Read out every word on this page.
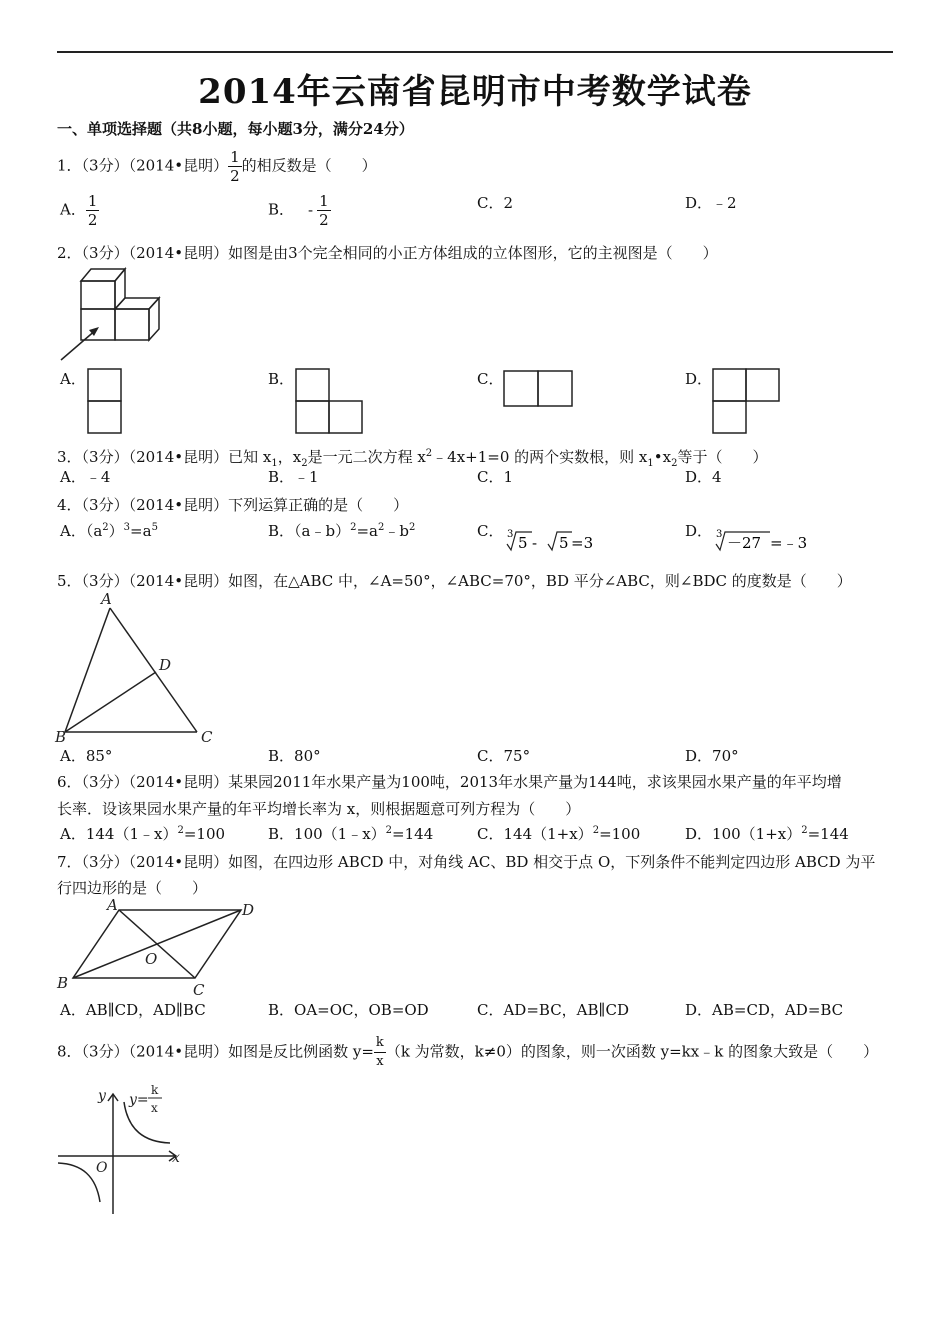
2014年云南省昆明市中考数学试卷
一、单项选择题（共8小题，每小题3分，满分24分）
1．（3分）（2014•昆明） $\frac{1}{2}$ 的相反数是（　　）
A． $\frac{1}{2}$	B． - $\frac{1}{2}$	C．2	D．﹣2
2．（3分）（2014•昆明）如图是由3个完全相同的小正方体组成的立体图形，它的主视图是（　　）
A．	B．	C．	D．
3．（3分）（2014•昆明）已知 $x_1$，$x_2$是一元二次方程 $x^2﹣4x+1=0$ 的两个实数根，则 $x_1•x_2$等于（　　）
A．﹣4	B．﹣1	C．1	D．4
4．（3分）（2014•昆明）下列运算正确的是（　　）
A．$(a^2)^3=a^5$	B．$(a﹣b)^2=a^2﹣b^2$	C． 3 5 - 5 =3
D． 3 －27 =﹣3
5．（3分）（2014•昆明）如图，在△ABC 中，∠A=50°，∠ABC=70°，BD 平分∠ABC，则∠BDC 的度数是（　　）
A
D
B	C
A．85°	B．80°	C．75°	D．70°
6．（3分）（2014•昆明）某果园2011年水果产量为100吨，2013年水果产量为144吨，求该果园水果产量的年平均增
长率．设该果园水果产量的年平均增长率为 x，则根据题意可列方程为（　　）
A．144（1﹣x）$^2$=100	B．100（1﹣x）$^2$=144	C．$144(1+x)^2=100$	D．$100(1+x)^2=144$
7．（3分）（2014•昆明）如图，在四边形 ABCD 中，对角线 AC、BD 相交于点 O，下列条件不能判定四边形 ABCD 为平
行四边形的是（　　）
A	D
O
B	C
A．AB∥CD，AD∥BC	B．OA=OC，OB=OD	C．AD=BC，AB∥CD	D．AB=CD，AD=BC
8．（3分）（2014•昆明）如图是反比例函数 $y= \frac{k}{x} (k$ 为常数，k≠0）的图象，则一次函数 y=kx﹣k 的图象大致是（　　）
y
x
O
y=
k
x
